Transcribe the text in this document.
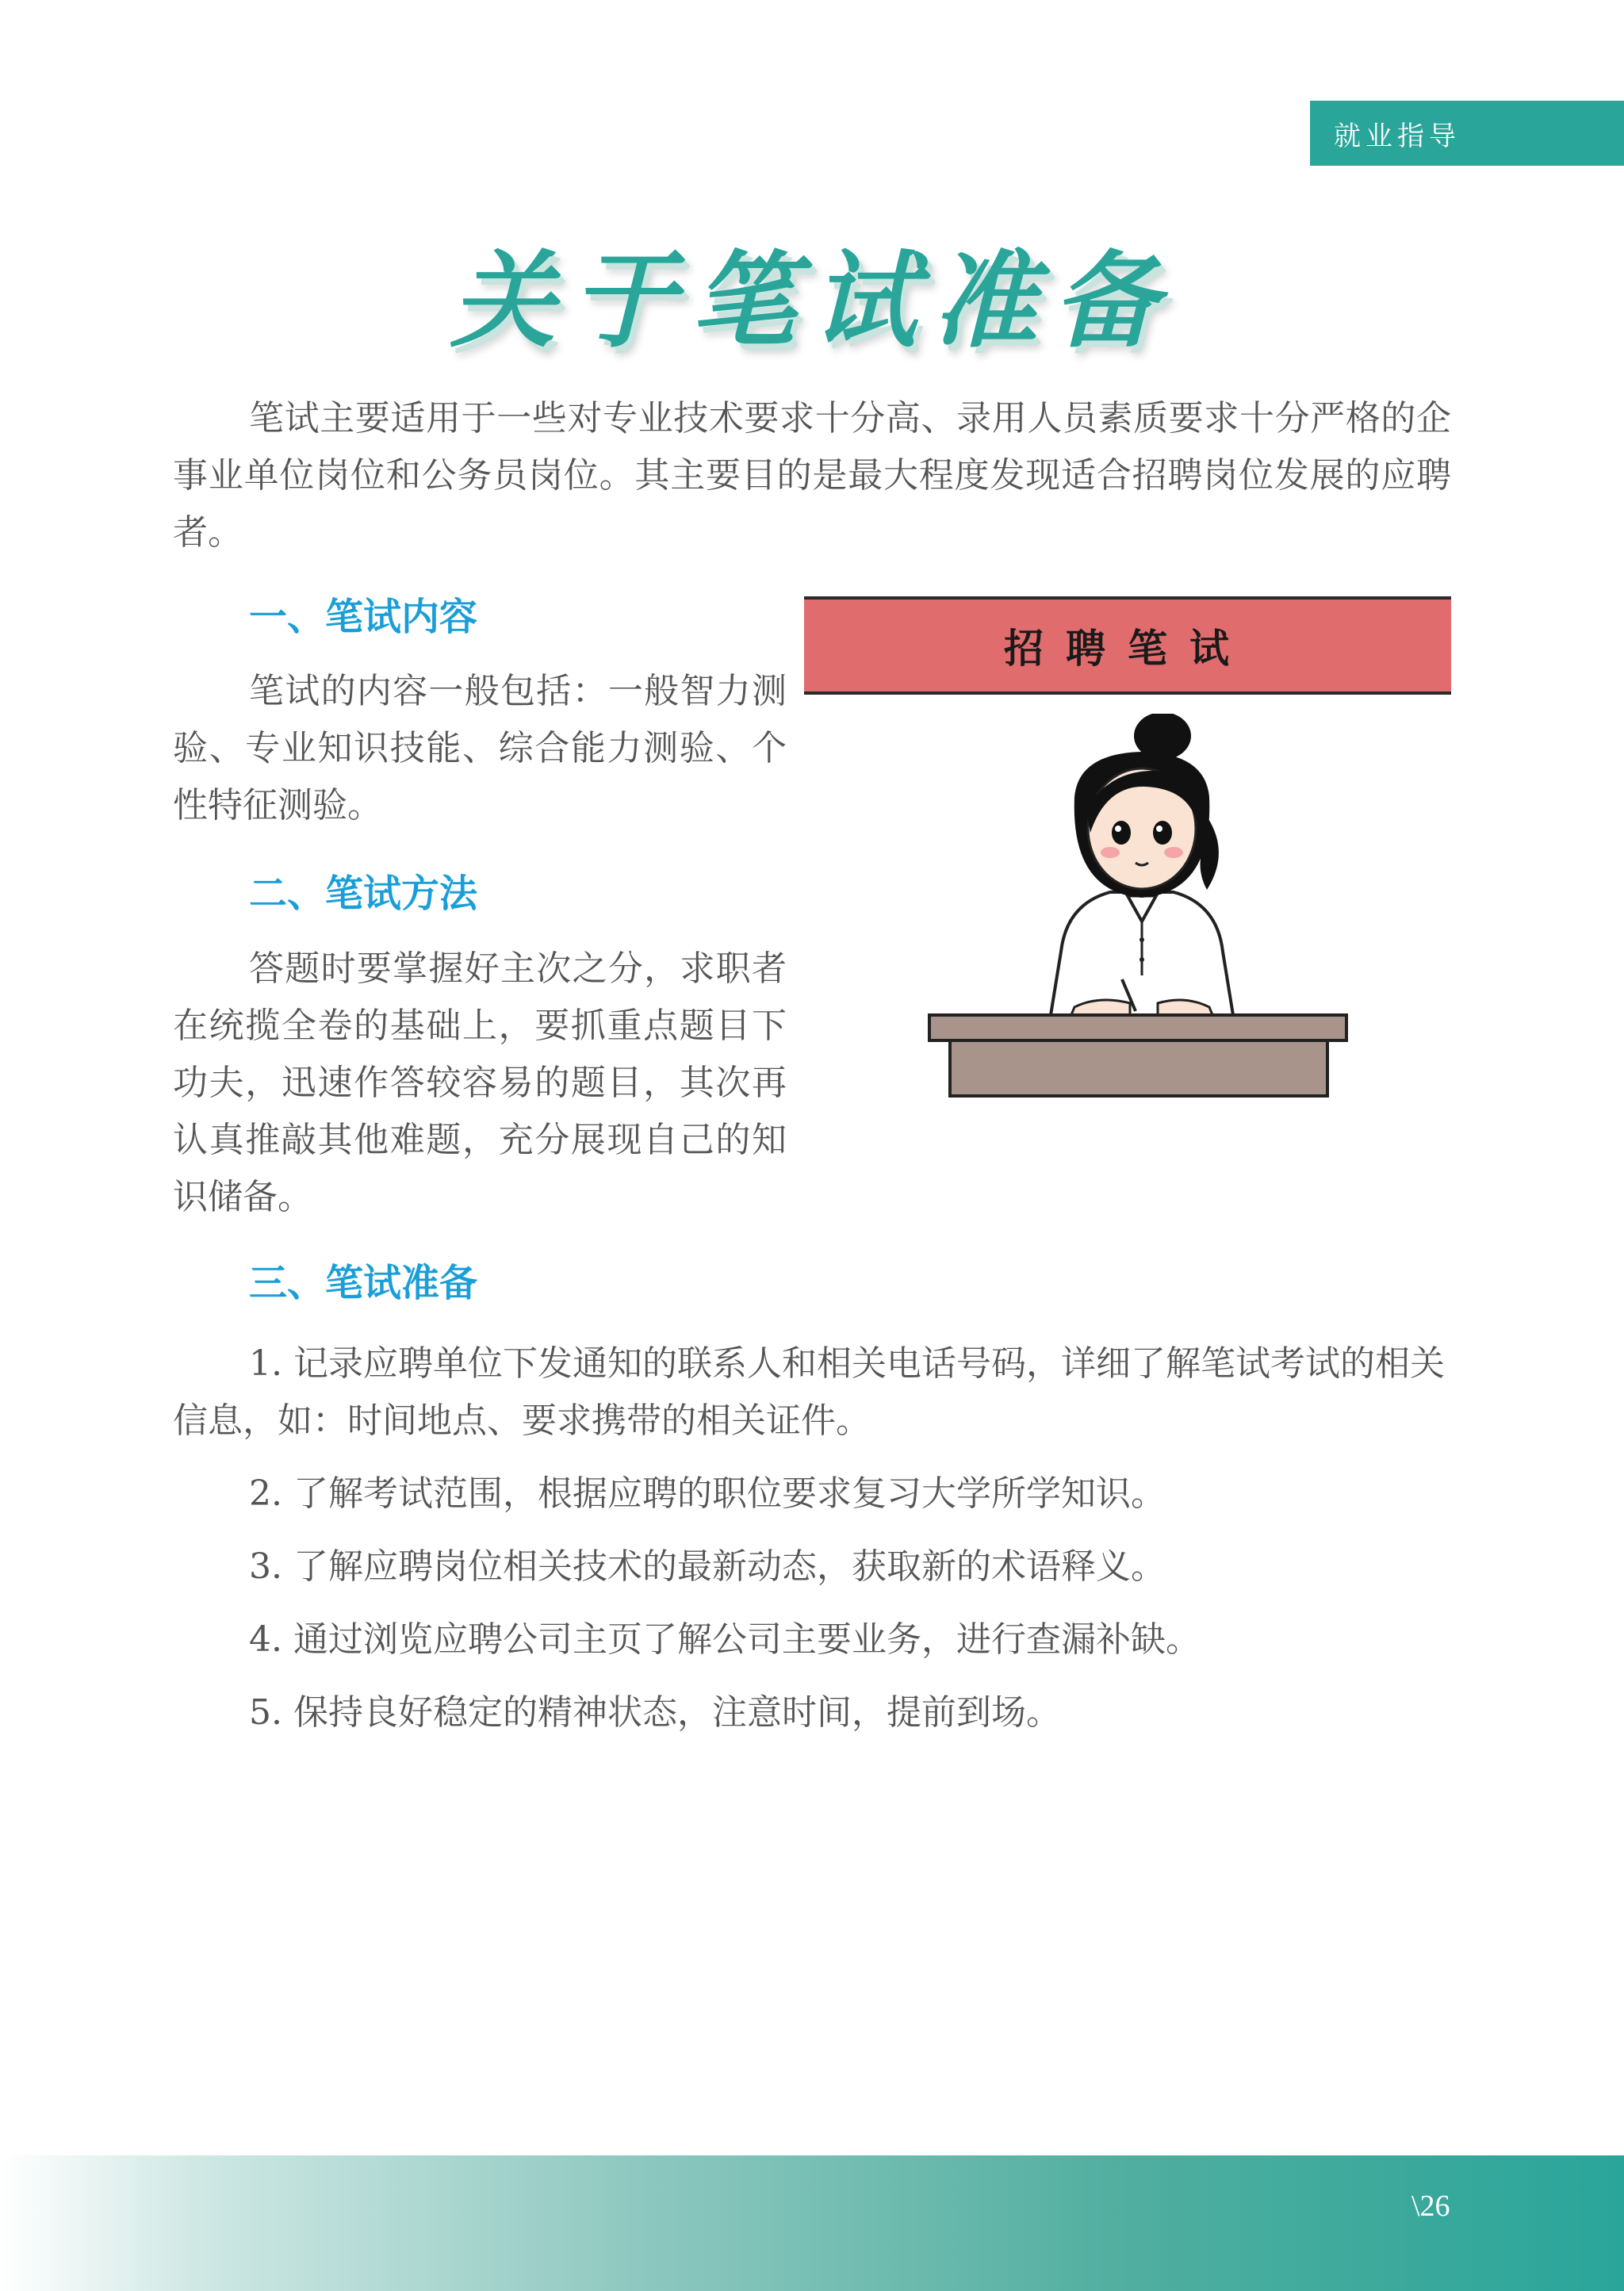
就业指导
关于笔试准备

笔试主要适用于一些对专业技术要求十分高、录用人员素质要求十分严格的企事业单位岗位和公务员岗位。其主要目的是最大程度发现适合招聘岗位发展的应聘者。

一、笔试内容

笔试的内容一般包括：一般智力测验、专业知识技能、综合能力测验、个性特征测验。

二、笔试方法

答题时要掌握好主次之分，求职者在统揽全卷的基础上，要抓重点题目下功夫，迅速作答较容易的题目，其次再认真推敲其他难题，充分展现自己的知识储备。

三、笔试准备

1. 记录应聘单位下发通知的联系人和相关电话号码，详细了解笔试考试的相关信息，如：时间地点、要求携带的相关证件。

2. 了解考试范围，根据应聘的职位要求复习大学所学知识。

3. 了解应聘岗位相关技术的最新动态，获取新的术语释义。

4. 通过浏览应聘公司主页了解公司主要业务，进行查漏补缺。

5. 保持良好稳定的精神状态，注意时间，提前到场。

招聘笔试
\26
